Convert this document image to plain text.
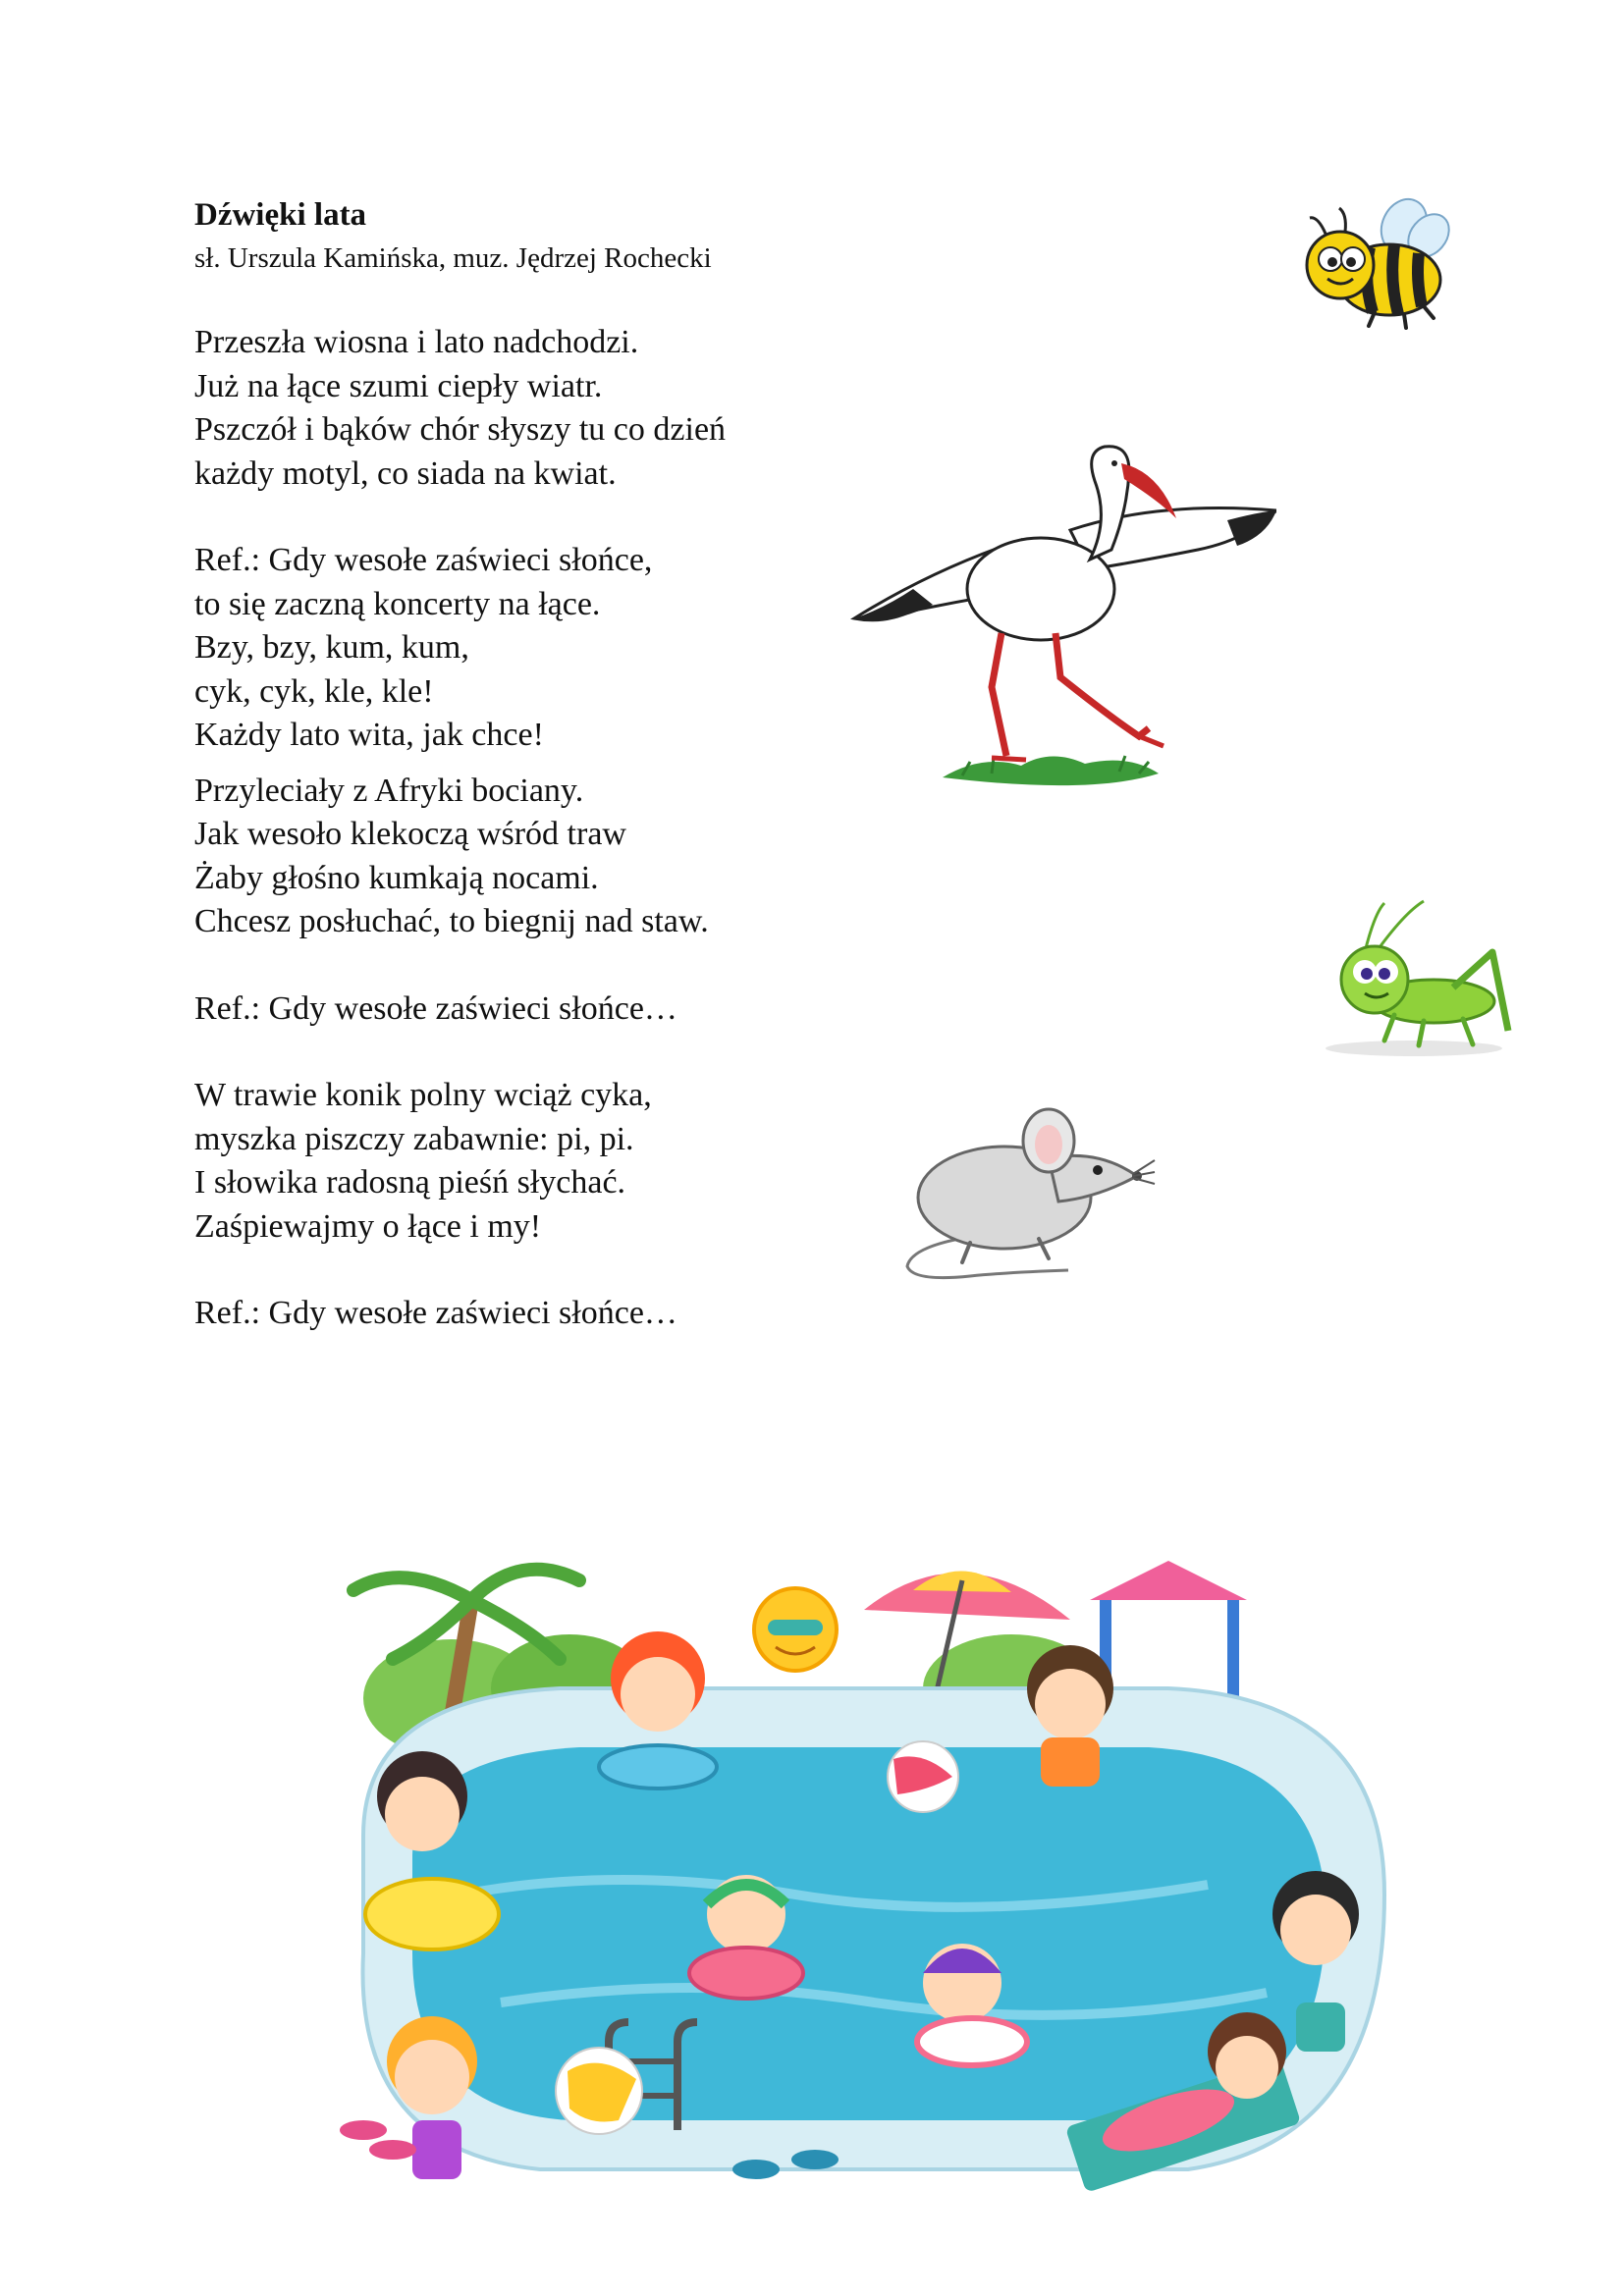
Dźwięki lata

sł. Urszula Kamińska, muz. Jędrzej Rochecki

Przeszła wiosna i lato nadchodzi.
Już na łące szumi ciepły wiatr.
Pszczół i bąków chór słyszy tu co dzień
każdy motyl, co siada na kwiat.
Ref.: Gdy wesołe zaświeci słońce,
to się zaczną koncerty na łące.
Bzy, bzy, kum, kum,
cyk, cyk, kle, kle!
Każdy lato wita, jak chce!
Przyleciały z Afryki bociany.
Jak wesoło klekoczą wśród traw
Żaby głośno kumkają nocami.
Chcesz posłuchać, to biegnij nad staw.
Ref.: Gdy wesołe zaświeci słońce…
W trawie konik polny wciąż cyka,
myszka piszczy zabawnie: pi, pi.
I słowika radosną pieśń słychać.
Zaśpiewajmy o łące i my!
Ref.: Gdy wesołe zaświeci słońce…
